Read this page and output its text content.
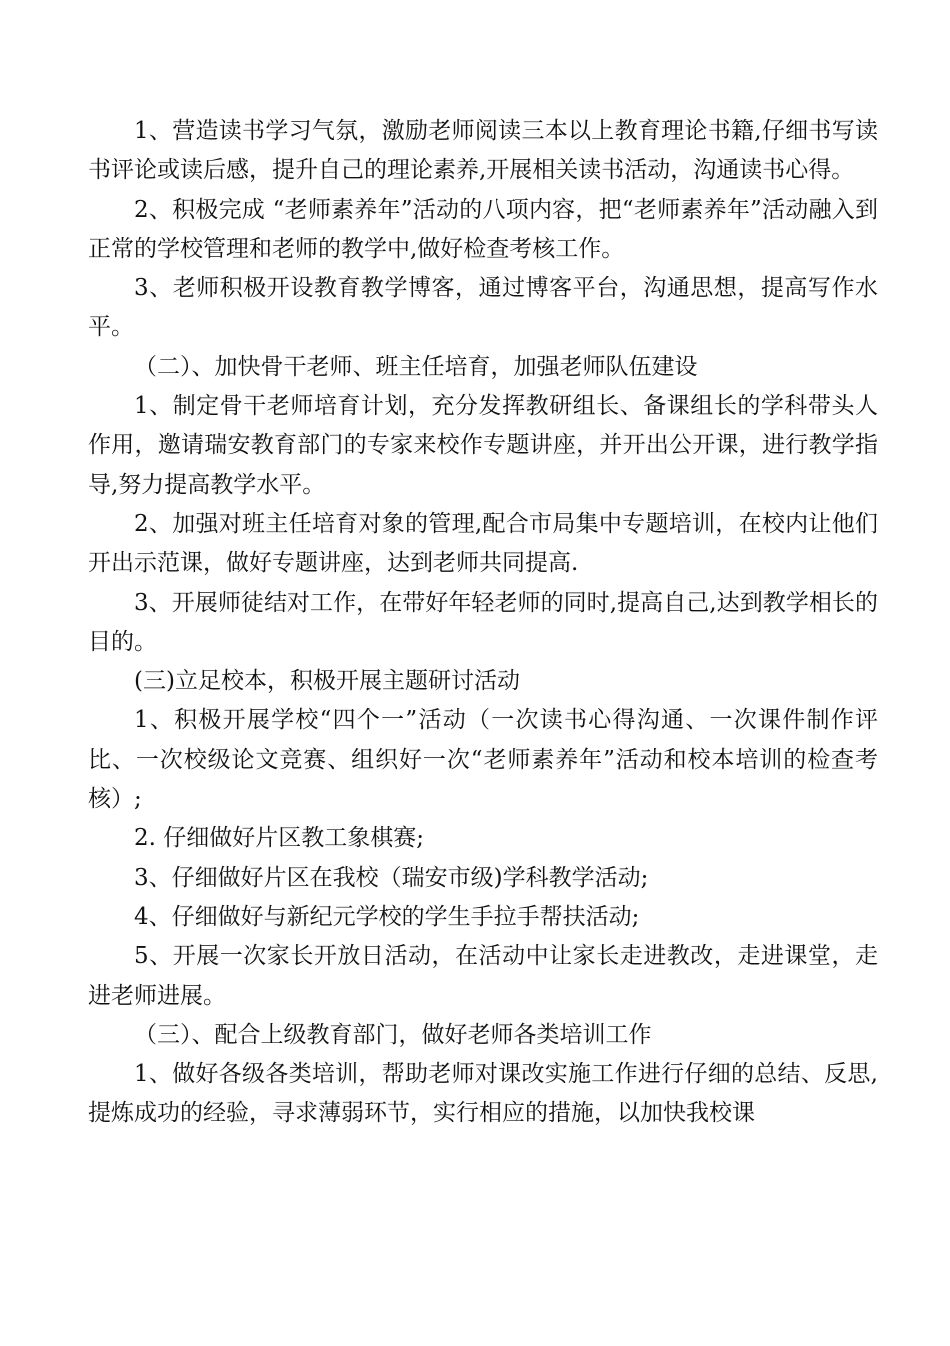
1、营造读书学习气氛，激励老师阅读三本以上教育理论书籍,仔细书写读书评论或读后感，提升自己的理论素养,开展相关读书活动，沟通读书心得。

2、积极完成 “老师素养年”活动的八项内容，把“老师素养年”活动融入到正常的学校管理和老师的教学中,做好检查考核工作。

3、老师积极开设教育教学博客，通过博客平台，沟通思想，提高写作水平。

（二）、加快骨干老师、班主任培育，加强老师队伍建设

1、制定骨干老师培育计划，充分发挥教研组长、备课组长的学科带头人作用，邀请瑞安教育部门的专家来校作专题讲座，并开出公开课，进行教学指导,努力提高教学水平。

2、加强对班主任培育对象的管理,配合市局集中专题培训，在校内让他们开出示范课，做好专题讲座，达到老师共同提高.

3、开展师徒结对工作，在带好年轻老师的同时,提高自己,达到教学相长的目的。

(三)立足校本，积极开展主题研讨活动

1、积极开展学校“四个一”活动（一次读书心得沟通、一次课件制作评比、一次校级论文竞赛、组织好一次“老师素养年”活动和校本培训的检查考核）;

2. 仔细做好片区教工象棋赛;

3、仔细做好片区在我校（瑞安市级)学科教学活动;

4、仔细做好与新纪元学校的学生手拉手帮扶活动;

5、开展一次家长开放日活动，在活动中让家长走进教改，走进课堂，走进老师进展。

（三）、配合上级教育部门，做好老师各类培训工作

1、做好各级各类培训，帮助老师对课改实施工作进行仔细的总结、反思,提炼成功的经验，寻求薄弱环节，实行相应的措施，以加快我校课
